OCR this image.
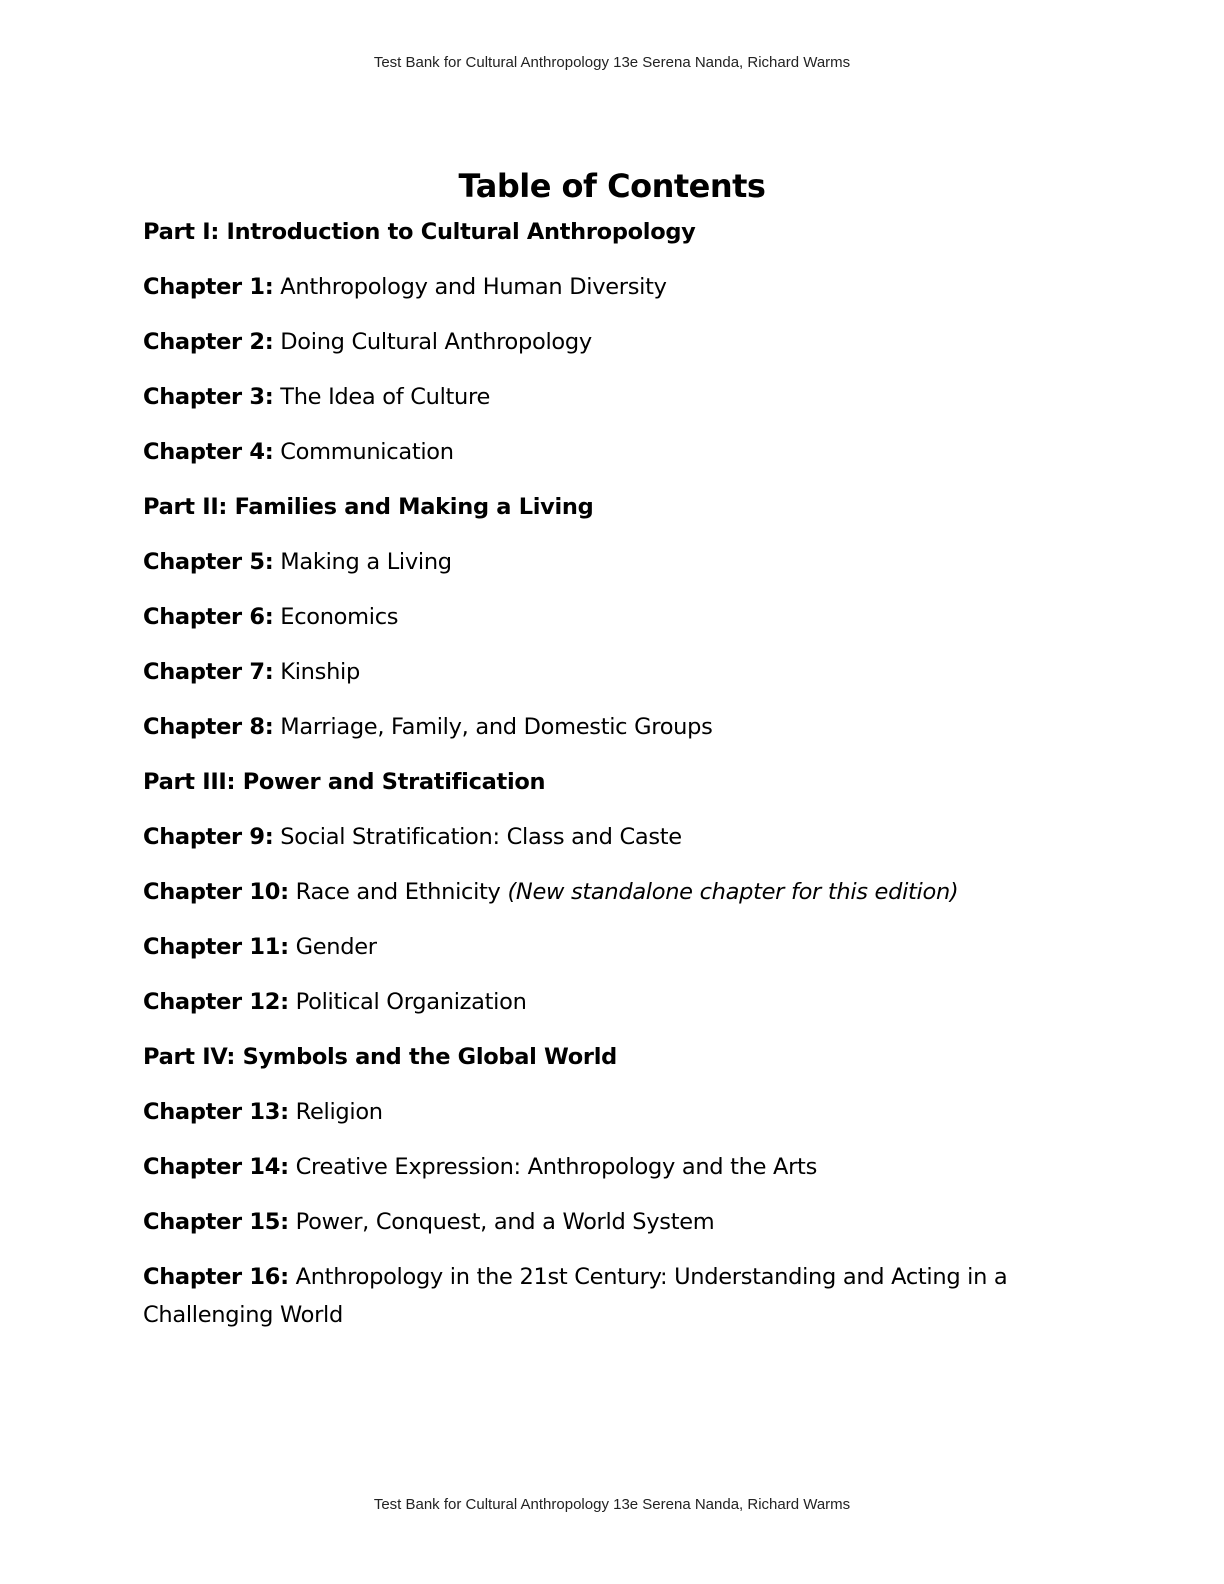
Test Bank for Cultural Anthropology 13e Serena Nanda, Richard Warms
Table of Contents
Part I: Introduction to Cultural Anthropology
Chapter 1: Anthropology and Human Diversity
Chapter 2: Doing Cultural Anthropology
Chapter 3: The Idea of Culture
Chapter 4: Communication
Part II: Families and Making a Living
Chapter 5: Making a Living
Chapter 6: Economics
Chapter 7: Kinship
Chapter 8: Marriage, Family, and Domestic Groups
Part III: Power and Stratification
Chapter 9: Social Stratification: Class and Caste
Chapter 10: Race and Ethnicity (New standalone chapter for this edition)
Chapter 11: Gender
Chapter 12: Political Organization
Part IV: Symbols and the Global World
Chapter 13: Religion
Chapter 14: Creative Expression: Anthropology and the Arts
Chapter 15: Power, Conquest, and a World System
Chapter 16: Anthropology in the 21st Century: Understanding and Acting in a Challenging World
Test Bank for Cultural Anthropology 13e Serena Nanda, Richard Warms
